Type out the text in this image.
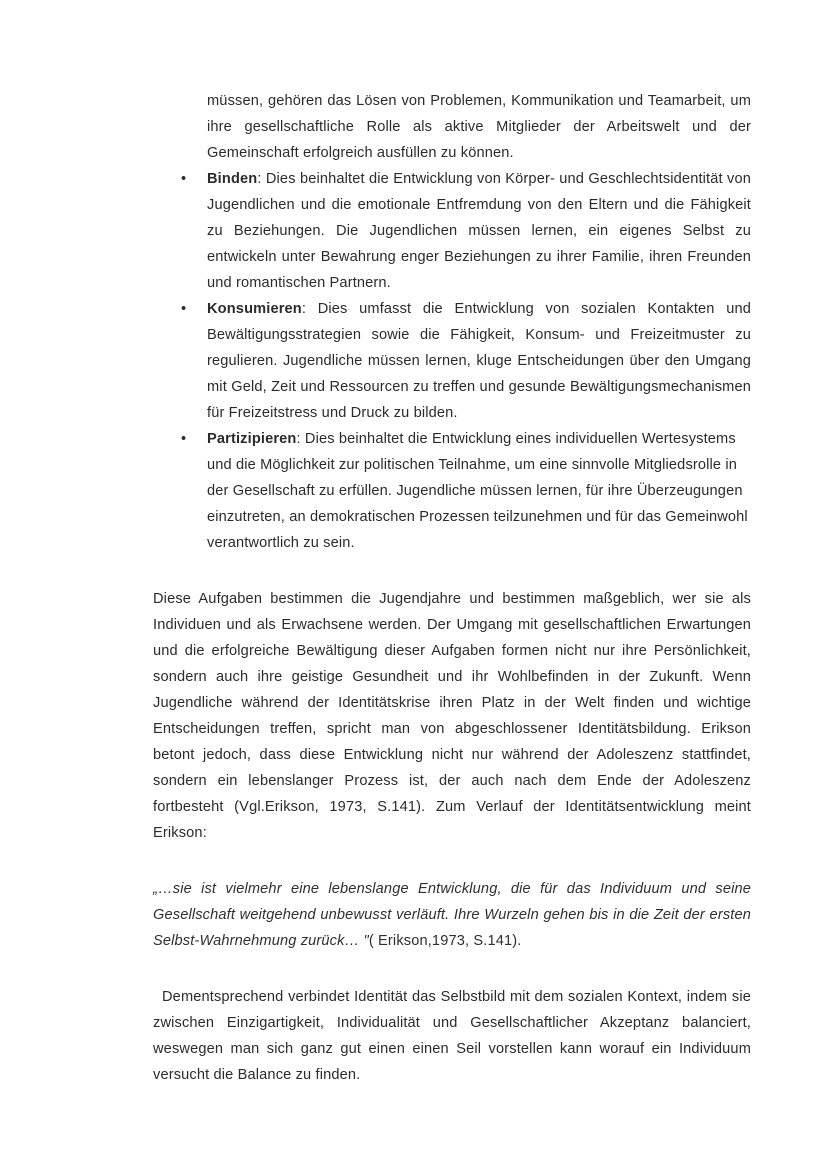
müssen, gehören das Lösen von Problemen, Kommunikation und Teamarbeit, um ihre gesellschaftliche Rolle als aktive Mitglieder der Arbeitswelt und der Gemeinschaft erfolgreich ausfüllen zu können.

• Binden: Dies beinhaltet die Entwicklung von Körper- und Geschlechtsidentität von Jugendlichen und die emotionale Entfremdung von den Eltern und die Fähigkeit zu Beziehungen. Die Jugendlichen müssen lernen, ein eigenes Selbst zu entwickeln unter Bewahrung enger Beziehungen zu ihrer Familie, ihren Freunden und romantischen Partnern.
• Konsumieren: Dies umfasst die Entwicklung von sozialen Kontakten und Bewältigungsstrategien sowie die Fähigkeit, Konsum- und Freizeitmuster zu regulieren. Jugendliche müssen lernen, kluge Entscheidungen über den Umgang mit Geld, Zeit und Ressourcen zu treffen und gesunde Bewältigungsmechanismen für Freizeitstress und Druck zu bilden.
• Partizipieren: Dies beinhaltet die Entwicklung eines individuellen Wertesystems und die Möglichkeit zur politischen Teilnahme, um eine sinnvolle Mitgliedsrolle in der Gesellschaft zu erfüllen. Jugendliche müssen lernen, für ihre Überzeugungen einzutreten, an demokratischen Prozessen teilzunehmen und für das Gemeinwohl verantwortlich zu sein.

Diese Aufgaben bestimmen die Jugendjahre und bestimmen maßgeblich, wer sie als Individuen und als Erwachsene werden. Der Umgang mit gesellschaftlichen Erwartungen und die erfolgreiche Bewältigung dieser Aufgaben formen nicht nur ihre Persönlichkeit, sondern auch ihre geistige Gesundheit und ihr Wohlbefinden in der Zukunft. Wenn Jugendliche während der Identitätskrise ihren Platz in der Welt finden und wichtige Entscheidungen treffen, spricht man von abgeschlossener Identitätsbildung. Erikson betont jedoch, dass diese Entwicklung nicht nur während der Adoleszenz stattfindet, sondern ein lebenslanger Prozess ist, der auch nach dem Ende der Adoleszenz fortbesteht (Vgl.Erikson, 1973, S.141). Zum Verlauf der Identitätsentwicklung meint Erikson:

„…sie ist vielmehr eine lebenslange Entwicklung, die für das Individuum und seine Gesellschaft weitgehend unbewusst verläuft. Ihre Wurzeln gehen bis in die Zeit der ersten Selbst-Wahrnehmung zurück… "( Erikson,1973, S.141).

Dementsprechend verbindet Identität das Selbstbild mit dem sozialen Kontext, indem sie zwischen Einzigartigkeit, Individualität und Gesellschaftlicher Akzeptanz balanciert, weswegen man sich ganz gut einen einen Seil vorstellen kann worauf ein Individuum versucht die Balance zu finden.
